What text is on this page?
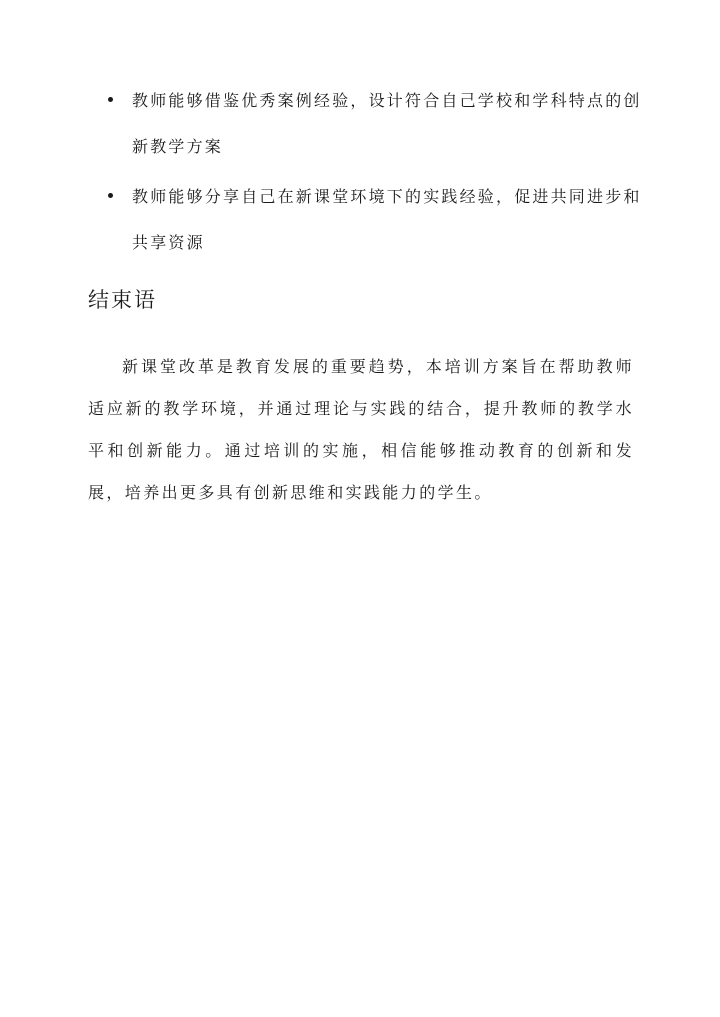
教师能够借鉴优秀案例经验，设计符合自己学校和学科特点的创新教学方案
教师能够分享自己在新课堂环境下的实践经验，促进共同进步和共享资源
结束语

新课堂改革是教育发展的重要趋势，本培训方案旨在帮助教师适应新的教学环境，并通过理论与实践的结合，提升教师的教学水平和创新能力。通过培训的实施，相信能够推动教育的创新和发展，培养出更多具有创新思维和实践能力的学生。
